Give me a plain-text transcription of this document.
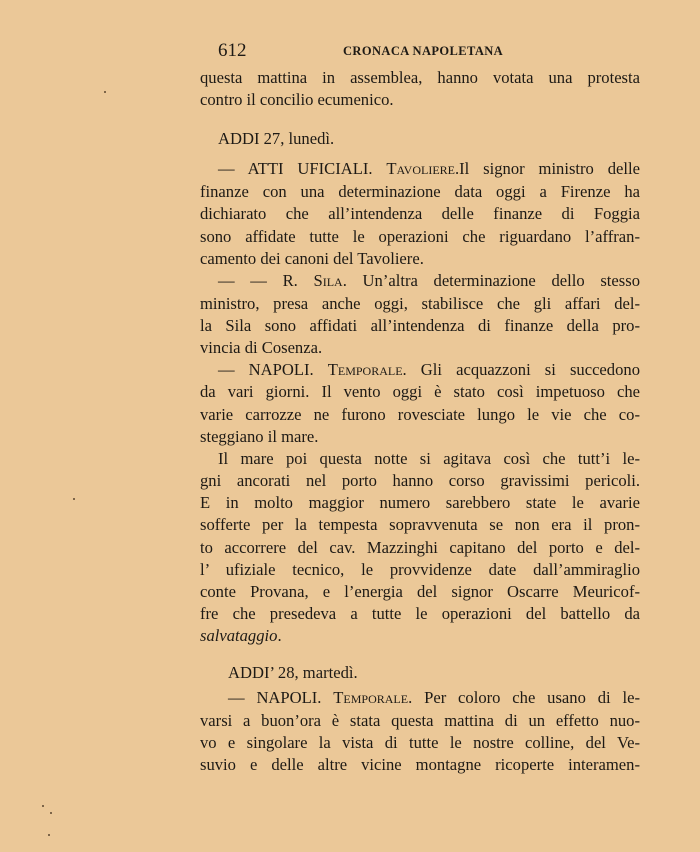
612	CRONACA NAPOLETANA
questa mattina in assemblea, hanno votata una protesta
contro il concilio ecumenico.
ADDI 27, lunedì.
— ATTI UFICIALI. Tavoliere.Il signor ministro delle
finanze con una determinazione data oggi a Firenze ha
dichiarato che all’intendenza delle finanze di Foggia
sono affidate tutte le operazioni che riguardano l’affran-
camento dei canoni del Tavoliere.
— — R. Sila. Un’altra determinazione dello stesso
ministro, presa anche oggi, stabilisce che gli affari del-
la Sila sono affidati all’intendenza di finanze della pro-
vincia di Cosenza.
— NAPOLI. Temporale. Gli acquazzoni si succedono
da vari giorni. Il vento oggi è stato così impetuoso che
varie carrozze ne furono rovesciate lungo le vie che co-
steggiano il mare.
Il mare poi questa notte si agitava così che tutt’i le-
gni ancorati nel porto hanno corso gravissimi pericoli.
E in molto maggior numero sarebbero state le avarie
sofferte per la tempesta sopravvenuta se non era il pron-
to accorrere del cav. Mazzinghi capitano del porto e del-
l’ ufiziale tecnico, le provvidenze date dall’ammiraglio
conte Provana, e l’energia del signor Oscarre Meuricof-
fre che presedeva a tutte le operazioni del battello da
salvataggio.
ADDI’ 28, martedì.
— NAPOLI. Temporale. Per coloro che usano di le-
varsi a buon’ora è stata questa mattina di un effetto nuo-
vo e singolare la vista di tutte le nostre colline, del Ve-
suvio e delle altre vicine montagne ricoperte interamen-
